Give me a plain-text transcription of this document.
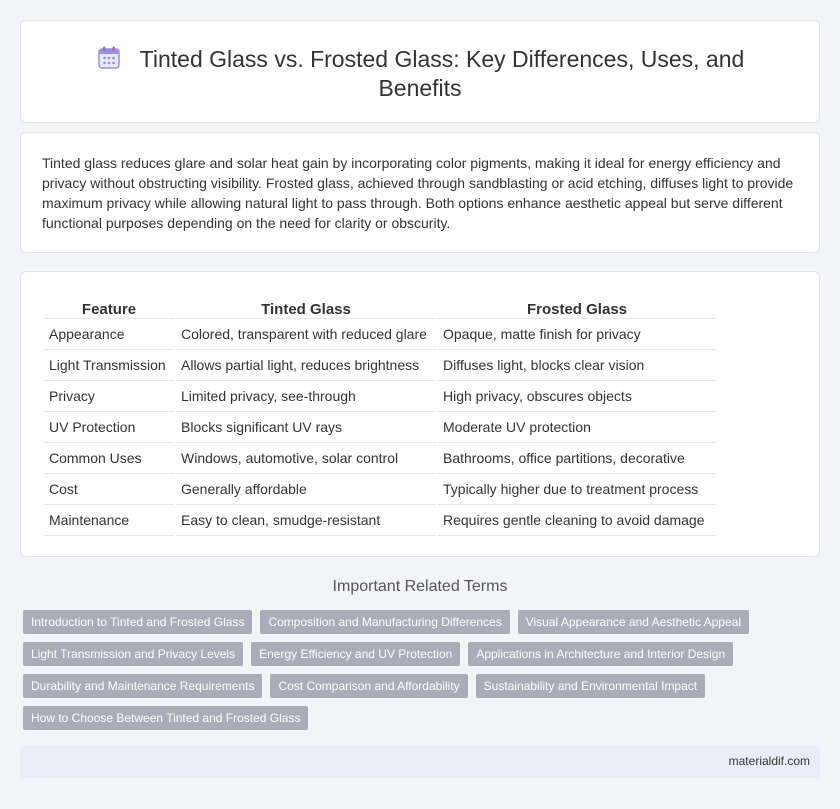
Tinted Glass vs. Frosted Glass: Key Differences, Uses, and Benefits

Tinted glass reduces glare and solar heat gain by incorporating color pigments, making it ideal for energy efficiency and privacy without obstructing visibility. Frosted glass, achieved through sandblasting or acid etching, diffuses light to provide maximum privacy while allowing natural light to pass through. Both options enhance aesthetic appeal but serve different functional purposes depending on the need for clarity or obscurity.

Feature	Tinted Glass	Frosted Glass
Appearance	Colored, transparent with reduced glare	Opaque, matte finish for privacy
Light Transmission	Allows partial light, reduces brightness	Diffuses light, blocks clear vision
Privacy	Limited privacy, see-through	High privacy, obscures objects
UV Protection	Blocks significant UV rays	Moderate UV protection
Common Uses	Windows, automotive, solar control	Bathrooms, office partitions, decorative
Cost	Generally affordable	Typically higher due to treatment process
Maintenance	Easy to clean, smudge-resistant	Requires gentle cleaning to avoid damage
Important Related Terms
Introduction to Tinted and Frosted Glass	Composition and Manufacturing Differences	Visual Appearance and Aesthetic Appeal
Light Transmission and Privacy Levels	Energy Efficiency and UV Protection	Applications in Architecture and Interior Design
Durability and Maintenance Requirements	Cost Comparison and Affordability	Sustainability and Environmental Impact
How to Choose Between Tinted and Frosted Glass
materialdif.com
